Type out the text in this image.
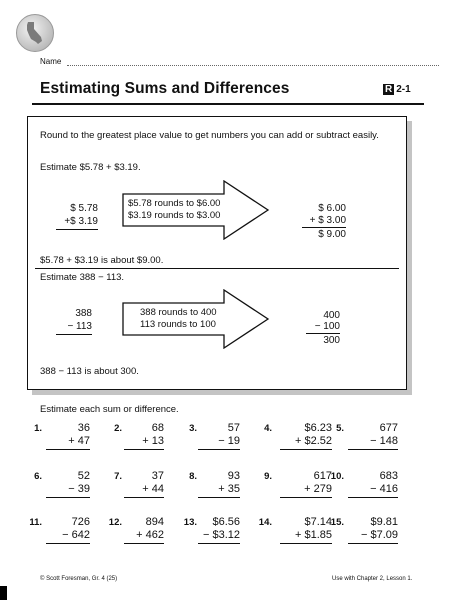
Name
Estimating Sums and Differences	R 2-1
Round to the greatest place value to get numbers you can add or subtract easily.
Estimate $5.78 + $3.19.
$ 5.78
+$ 3.19
$5.78 rounds to $6.00
$3.19 rounds to $3.00
$ 6.00
+ $ 3.00
$ 9.00
$5.78 + $3.19 is about $9.00.
Estimate 388 − 113.
388
− 113
388 rounds to 400
113 rounds to 100
400
− 100
300
388 − 113 is about 300.
Estimate each sum or difference.
1.	36
+ 47
2.	68
+ 13
3.	57
− 19
4.	$6.23
+ $2.52
5.	677
− 148
6.	52
− 39
7.	37
+ 44
8.	93
+ 35
9.	617
+ 279
10.	683
− 416
11.	726
− 642
12.	894
+ 462
13.	$6.56
− $3.12
14.	$7.14
+ $1.85
15.	$9.81
− $7.09
© Scott Foresman, Gr. 4 (25)	Use with Chapter 2, Lesson 1.
